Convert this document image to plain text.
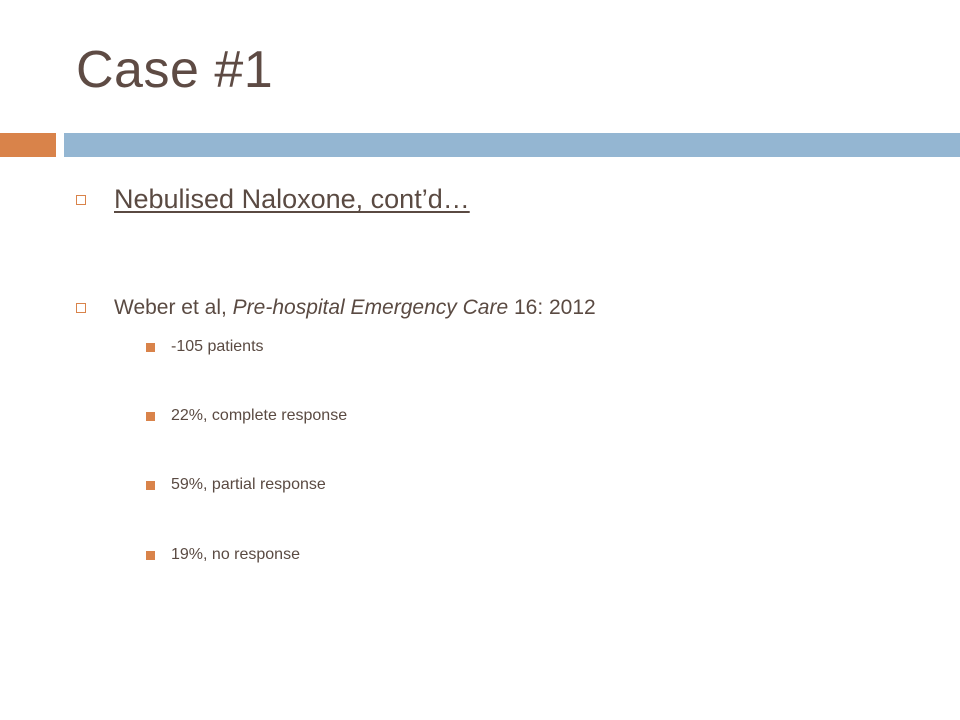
Case #1
Nebulised Naloxone, cont’d…
Weber et al, Pre-hospital Emergency Care 16: 2012
-105 patients
22%, complete response
59%, partial response
19%, no response
